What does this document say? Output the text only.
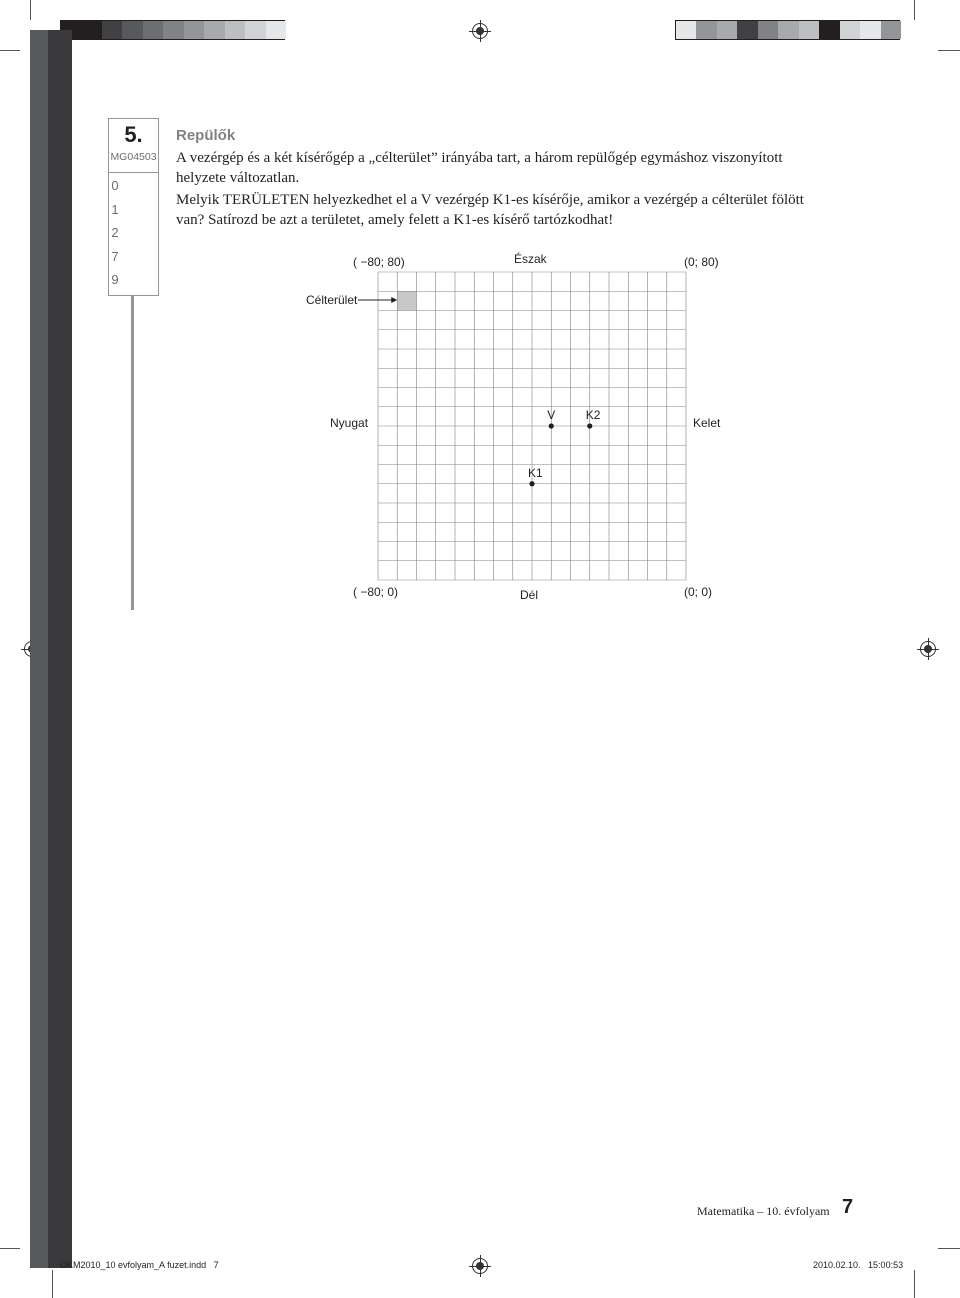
5.
MG04503
0
1
2
7
9
Repülők
A vezérgép és a két kísérőgép a „célterület” irányába tart, a három repülőgép egymáshoz viszonyított helyzete változatlan.
Melyik TERÜLETEN helyezkedhet el a V vezérgép K1-es kísérője, amikor a vezérgép a célterület fölött van? Satírozd be azt a területet, amely felett a K1-es kísérő tartózkodhat!
( −80; 80)	(0; 80)
Észak
Dél
Nyugat	Kelet
( −80; 0)	(0; 0)
Célterület
V	K2
K1
Matematika – 10. évfolyam 7
OKM2010_10 evfolyam_A fuzet.indd   7	2010.02.10.   15:00:53
